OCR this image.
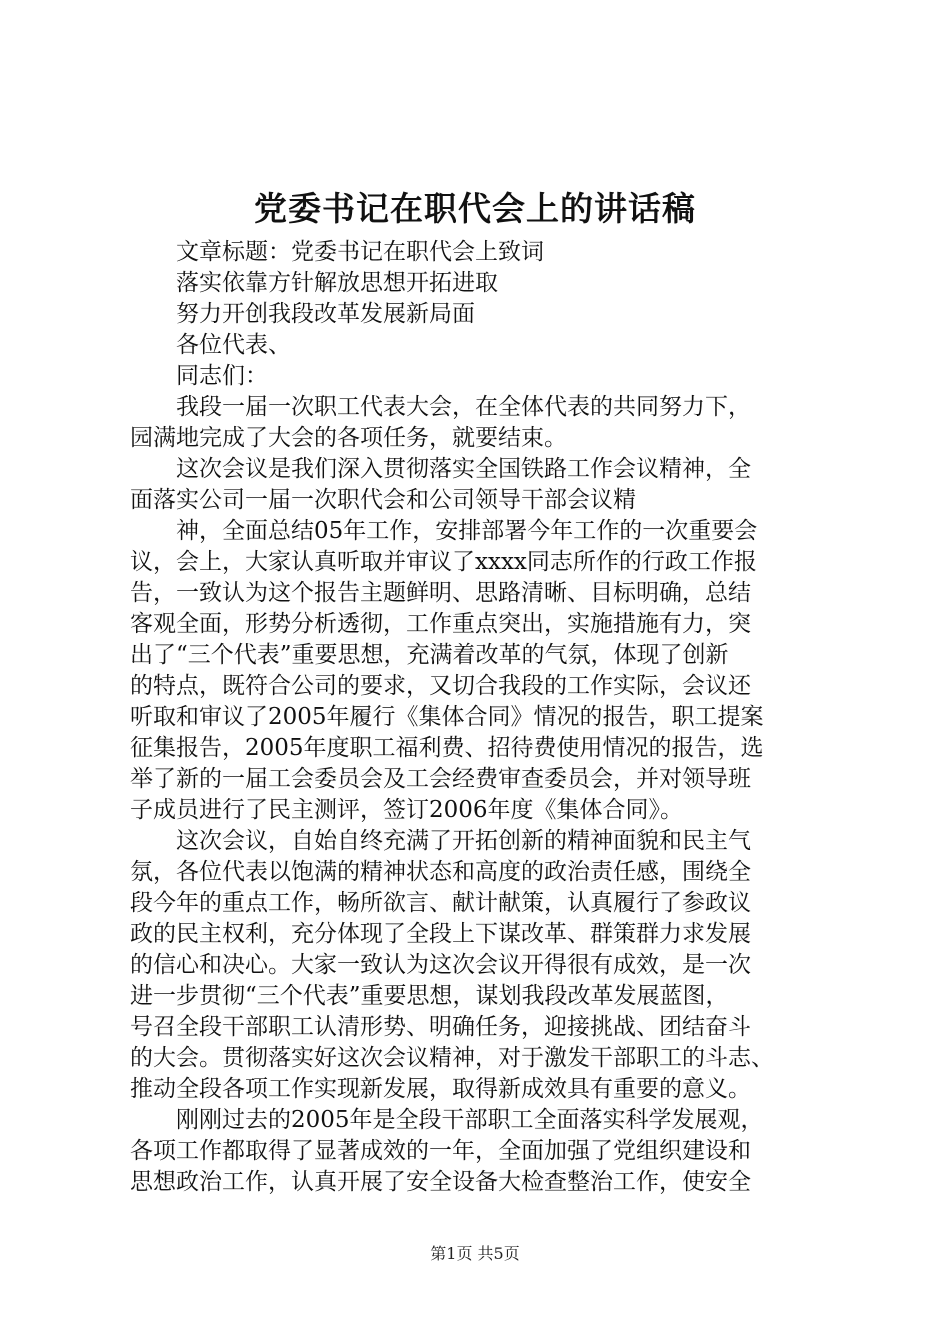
党委书记在职代会上的讲话稿

文章标题：党委书记在职代会上致词

落实依靠方针解放思想开拓进取

努力开创我段改革发展新局面

各位代表、

同志们：

我段一届一次职工代表大会，在全体代表的共同努力下，
园满地完成了大会的各项任务，就要结束。

这次会议是我们深入贯彻落实全国铁路工作会议精神，全
面落实公司一届一次职代会和公司领导干部会议精

神，全面总结05年工作，安排部署今年工作的一次重要会
议，会上，大家认真听取并审议了xxxx同志所作的行政工作报
告，一致认为这个报告主题鲜明、思路清晰、目标明确，总结
客观全面，形势分析透彻，工作重点突出，实施措施有力，突
出了“三个代表”重要思想，充满着改革的气氛，体现了创新
的特点，既符合公司的要求，又切合我段的工作实际，会议还
听取和审议了2005年履行《集体合同》情况的报告，职工提案
征集报告，2005年度职工福利费、招待费使用情况的报告，选
举了新的一届工会委员会及工会经费审查委员会，并对领导班
子成员进行了民主测评，签订2006年度《集体合同》。

这次会议，自始自终充满了开拓创新的精神面貌和民主气
氛，各位代表以饱满的精神状态和高度的政治责任感，围绕全
段今年的重点工作，畅所欲言、献计献策，认真履行了参政议
政的民主权利，充分体现了全段上下谋改革、群策群力求发展
的信心和决心。大家一致认为这次会议开得很有成效，是一次
进一步贯彻“三个代表”重要思想，谋划我段改革发展蓝图，
号召全段干部职工认清形势、明确任务，迎接挑战、团结奋斗
的大会。贯彻落实好这次会议精神，对于激发干部职工的斗志、
推动全段各项工作实现新发展，取得新成效具有重要的意义。

刚刚过去的2005年是全段干部职工全面落实科学发展观，
各项工作都取得了显著成效的一年，全面加强了党组织建设和
思想政治工作，认真开展了安全设备大检查整治工作，使安全

第1页 共5页
